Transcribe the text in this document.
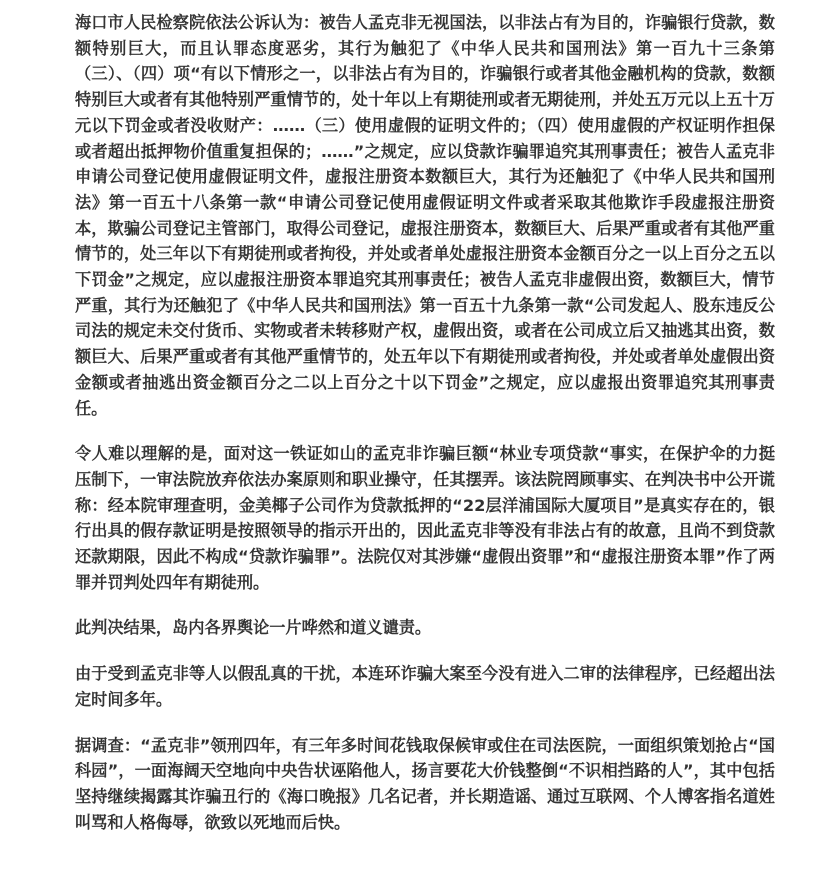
海口市人民检察院依法公诉认为：被告人孟克非无视国法，以非法占有为目的，诈骗银行贷款，数额特别巨大，而且认罪态度恶劣，其行为触犯了《中华人民共和国刑法》第一百九十三条第（三）、（四）项“有以下情形之一，以非法占有为目的，诈骗银行或者其他金融机构的贷款，数额特别巨大或者有其他特别严重情节的，处十年以上有期徒刑或者无期徒刑，并处五万元以上五十万元以下罚金或者没收财产：……（三）使用虚假的证明文件的；（四）使用虚假的产权证明作担保或者超出抵押物价值重复担保的；……”之规定，应以贷款诈骗罪追究其刑事责任；被告人孟克非申请公司登记使用虚假证明文件，虚报注册资本数额巨大，其行为还触犯了《中华人民共和国刑法》第一百五十八条第一款“申请公司登记使用虚假证明文件或者采取其他欺诈手段虚报注册资本，欺骗公司登记主管部门，取得公司登记，虚报注册资本，数额巨大、后果严重或者有其他严重情节的，处三年以下有期徒刑或者拘役，并处或者单处虚报注册资本金额百分之一以上百分之五以下罚金”之规定，应以虚报注册资本罪追究其刑事责任；被告人孟克非虚假出资，数额巨大，情节严重，其行为还触犯了《中华人民共和国刑法》第一百五十九条第一款“公司发起人、股东违反公司法的规定未交付货币、实物或者未转移财产权，虚假出资，或者在公司成立后又抽逃其出资，数额巨大、后果严重或者有其他严重情节的，处五年以下有期徒刑或者拘役，并处或者单处虚假出资金额或者抽逃出资金额百分之二以上百分之十以下罚金”之规定，应以虚报出资罪追究其刑事责任。

令人难以理解的是，面对这一铁证如山的孟克非诈骗巨额“林业专项贷款“事实，在保护伞的力挺压制下，一审法院放弃依法办案原则和职业操守，任其摆弄。该法院罔顾事实、在判决书中公开谎称：经本院审理查明，金美椰子公司作为贷款抵押的“22层洋浦国际大厦项目”是真实存在的，银行出具的假存款证明是按照领导的指示开出的，因此孟克非等没有非法占有的故意，且尚不到贷款还款期限，因此不构成“贷款诈骗罪”。法院仅对其涉嫌“虚假出资罪”和“虚报注册资本罪”作了两罪并罚判处四年有期徒刑。

此判决结果，岛内各界舆论一片哗然和道义谴责。

由于受到孟克非等人以假乱真的干扰，本连环诈骗大案至今没有进入二审的法律程序，已经超出法定时间多年。

据调查：“孟克非”领刑四年，有三年多时间花钱取保候审或住在司法医院，一面组织策划抢占“国科园”，一面海阔天空地向中央告状诬陷他人，扬言要花大价钱整倒“不识相挡路的人”，其中包括坚持继续揭露其诈骗丑行的《海口晚报》几名记者，并长期造谣、通过互联网、个人博客指名道姓叫骂和人格侮辱，欲致以死地而后快。
